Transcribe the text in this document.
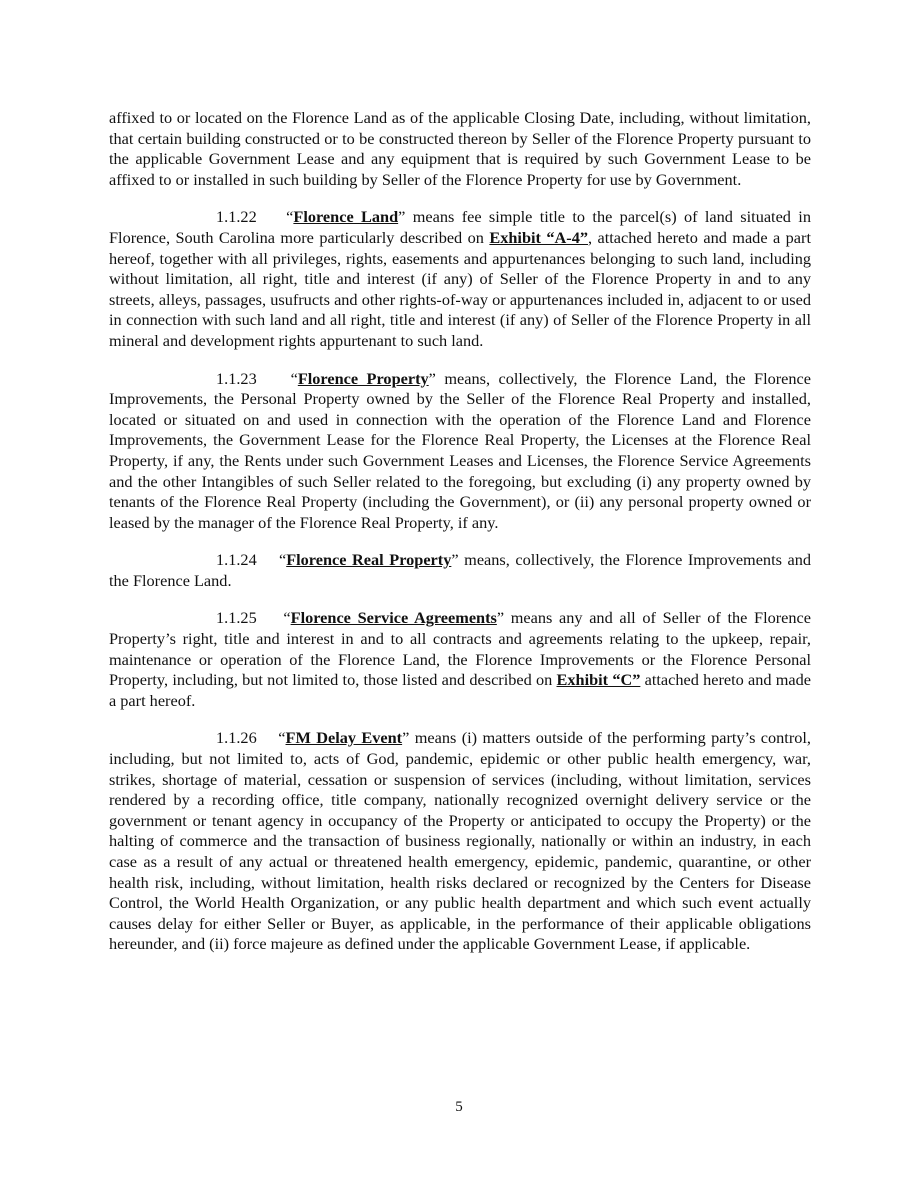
affixed to or located on the Florence Land as of the applicable Closing Date, including, without limitation, that certain building constructed or to be constructed thereon by Seller of the Florence Property pursuant to the applicable Government Lease and any equipment that is required by such Government Lease to be affixed to or installed in such building by Seller of the Florence Property for use by Government.

1.1.22    “Florence Land” means fee simple title to the parcel(s) of land situated in Florence, South Carolina more particularly described on Exhibit “A-4”, attached hereto and made a part hereof, together with all privileges, rights, easements and appurtenances belonging to such land, including without limitation, all right, title and interest (if any) of Seller of the Florence Property in and to any streets, alleys, passages, usufructs and other rights-of-way or appurtenances included in, adjacent to or used in connection with such land and all right, title and interest (if any) of Seller of the Florence Property in all mineral and development rights appurtenant to such land.

1.1.23    “Florence Property” means, collectively, the Florence Land, the Florence Improvements, the Personal Property owned by the Seller of the Florence Real Property and installed, located or situated on and used in connection with the operation of the Florence Land and Florence Improvements, the Government Lease for the Florence Real Property, the Licenses at the Florence Real Property, if any, the Rents under such Government Leases and Licenses, the Florence Service Agreements and the other Intangibles of such Seller related to the foregoing, but excluding (i) any property owned by tenants of the Florence Real Property (including the Government), or (ii) any personal property owned or leased by the manager of the Florence Real Property, if any.

1.1.24    “Florence Real Property” means, collectively, the Florence Improvements and the Florence Land.

1.1.25    “Florence Service Agreements” means any and all of Seller of the Florence Property’s right, title and interest in and to all contracts and agreements relating to the upkeep, repair, maintenance or operation of the Florence Land, the Florence Improvements or the Florence Personal Property, including, but not limited to, those listed and described on Exhibit “C” attached hereto and made a part hereof.

1.1.26    “FM Delay Event” means (i) matters outside of the performing party’s control, including, but not limited to, acts of God, pandemic, epidemic or other public health emergency, war, strikes, shortage of material, cessation or suspension of services (including, without limitation, services rendered by a recording office, title company, nationally recognized overnight delivery service or the government or tenant agency in occupancy of the Property or anticipated to occupy the Property) or the halting of commerce and the transaction of business regionally, nationally or within an industry, in each case as a result of any actual or threatened health emergency, epidemic, pandemic, quarantine, or other health risk, including, without limitation, health risks declared or recognized by the Centers for Disease Control, the World Health Organization, or any public health department and which such event actually causes delay for either Seller or Buyer, as applicable, in the performance of their applicable obligations hereunder, and (ii) force majeure as defined under the applicable Government Lease, if applicable.

5
